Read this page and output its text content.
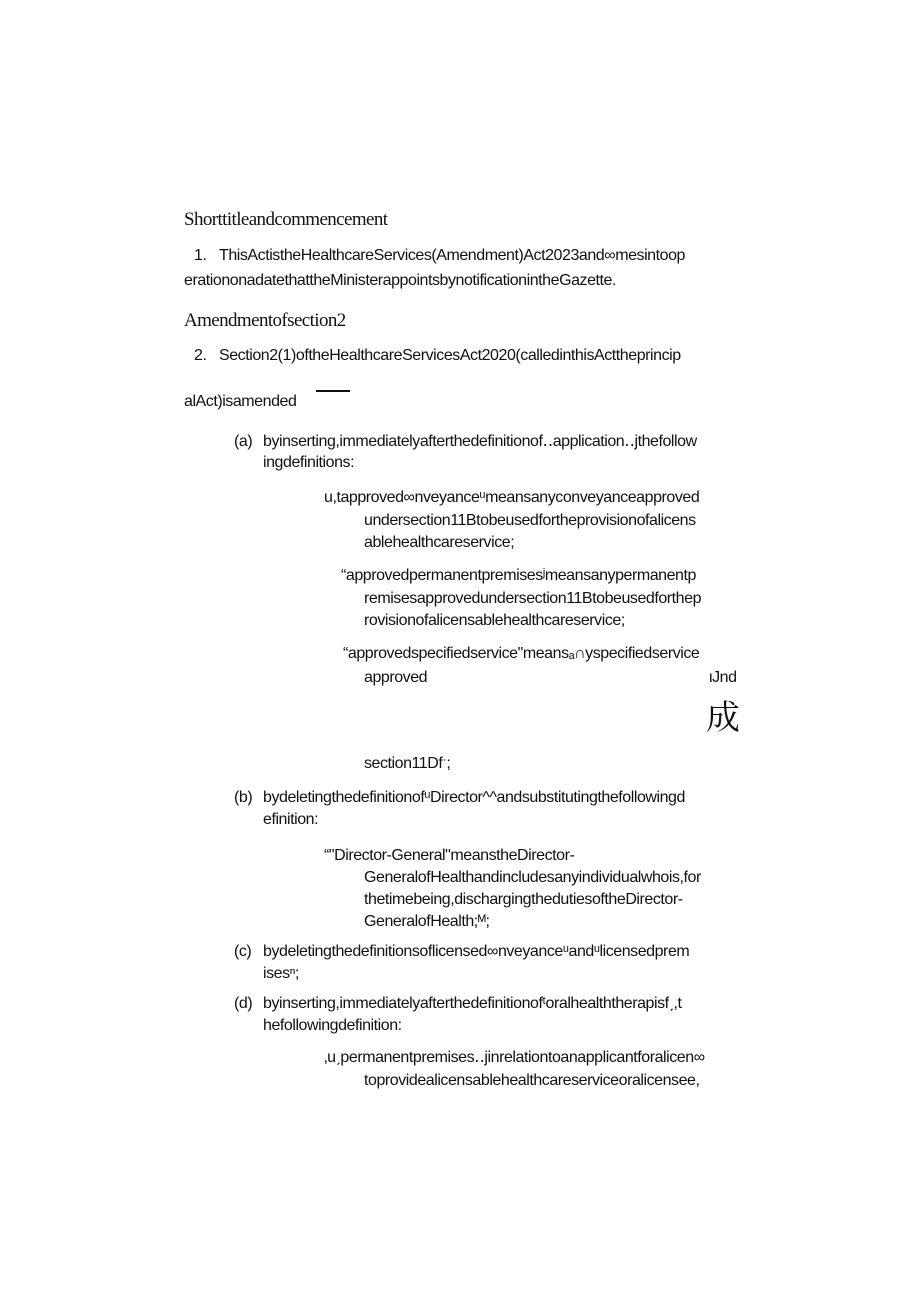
Shorttitleandcommencement
1. ThisActistheHealthcareServices(Amendment)Act2023and∞mesintoop
erationonadatethattheMinisterappointsbynotificationintheGazette.
Amendmentofsection2
2. Section2(1)oftheHealthcareServicesAct2020(calledinthisActtheprincip
alAct)isamended
(a) byinserting,immediatelyafterthedefinitionof‥application‥jthefollow
ingdefinitions:
u,tapproved∞nveyanceᵘmeansanyconveyanceapproved
undersection11Btobeusedfortheprovisionofalicens
ablehealthcareservice;
“approvedpermanentpremisesʲmeansanypermanentp
remisesapprovedundersection11Btobeusedforthep
rovisionofalicensablehealthcareservice;
“approvedspecifiedservice"meansₐ∩yspecifiedservice
approved	ιJnd
成
section11Dfˑ;
(b) bydeletingthedefinitionofᵘDirector^^andsubstitutingthefollowingd
efinition:
“"Director-General"meanstheDirector-
GeneralofHealthandincludesanyindividualwhois,for
thetimebeing,dischargingthedutiesoftheDirector-
GeneralofHealth;ᴹ;
(c) bydeletingthedefinitionsoflicensed∞nveyanceᵘandᵘlicensedprem
isesⁿ;
(d) byinserting,immediatelyafterthedefinitionofᵗoralhealththerapisfˏ,t
hefollowingdefinition:
‚uˏpermanentpremises‥jinrelationtoanapplicantforalicen∞
toprovidealicensablehealthcareserviceoralicensee,
